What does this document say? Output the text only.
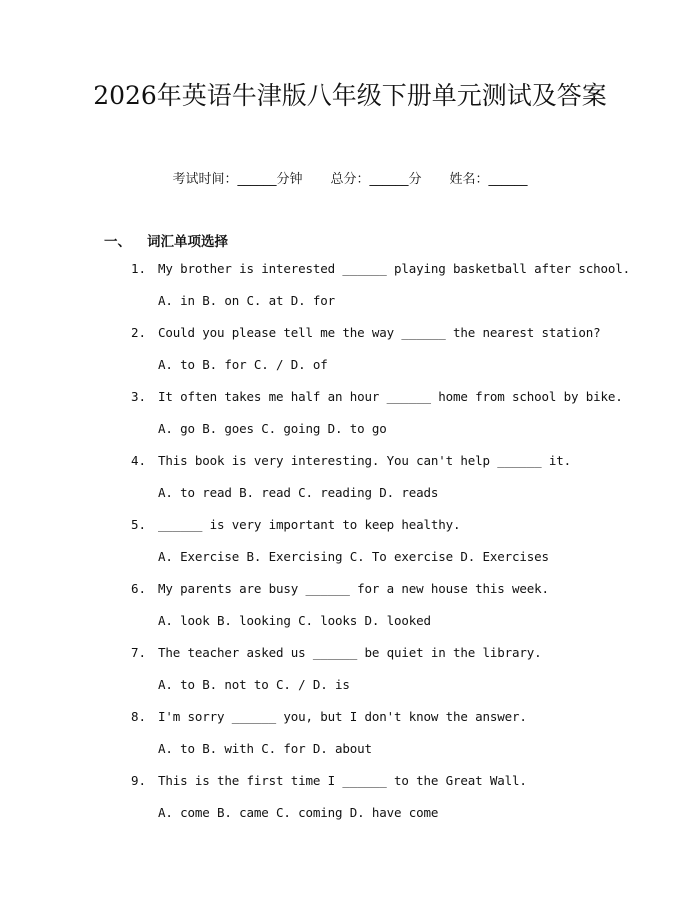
2026年英语牛津版八年级下册单元测试及答案
考试时间：______分钟 总分：______分 姓名：______
一、 词汇单项选择
1. My brother is interested ______ playing basketball after school.
A. in B. on C. at D. for
2. Could you please tell me the way ______ the nearest station?
A. to B. for C. / D. of
3. It often takes me half an hour ______ home from school by bike.
A. go B. goes C. going D. to go
4. This book is very interesting. You can't help ______ it.
A. to read B. read C. reading D. reads
5. ______ is very important to keep healthy.
A. Exercise B. Exercising C. To exercise D. Exercises
6. My parents are busy ______ for a new house this week.
A. look B. looking C. looks D. looked
7. The teacher asked us ______ be quiet in the library.
A. to B. not to C. / D. is
8. I'm sorry ______ you, but I don't know the answer.
A. to B. with C. for D. about
9. This is the first time I ______ to the Great Wall.
A. come B. came C. coming D. have come
